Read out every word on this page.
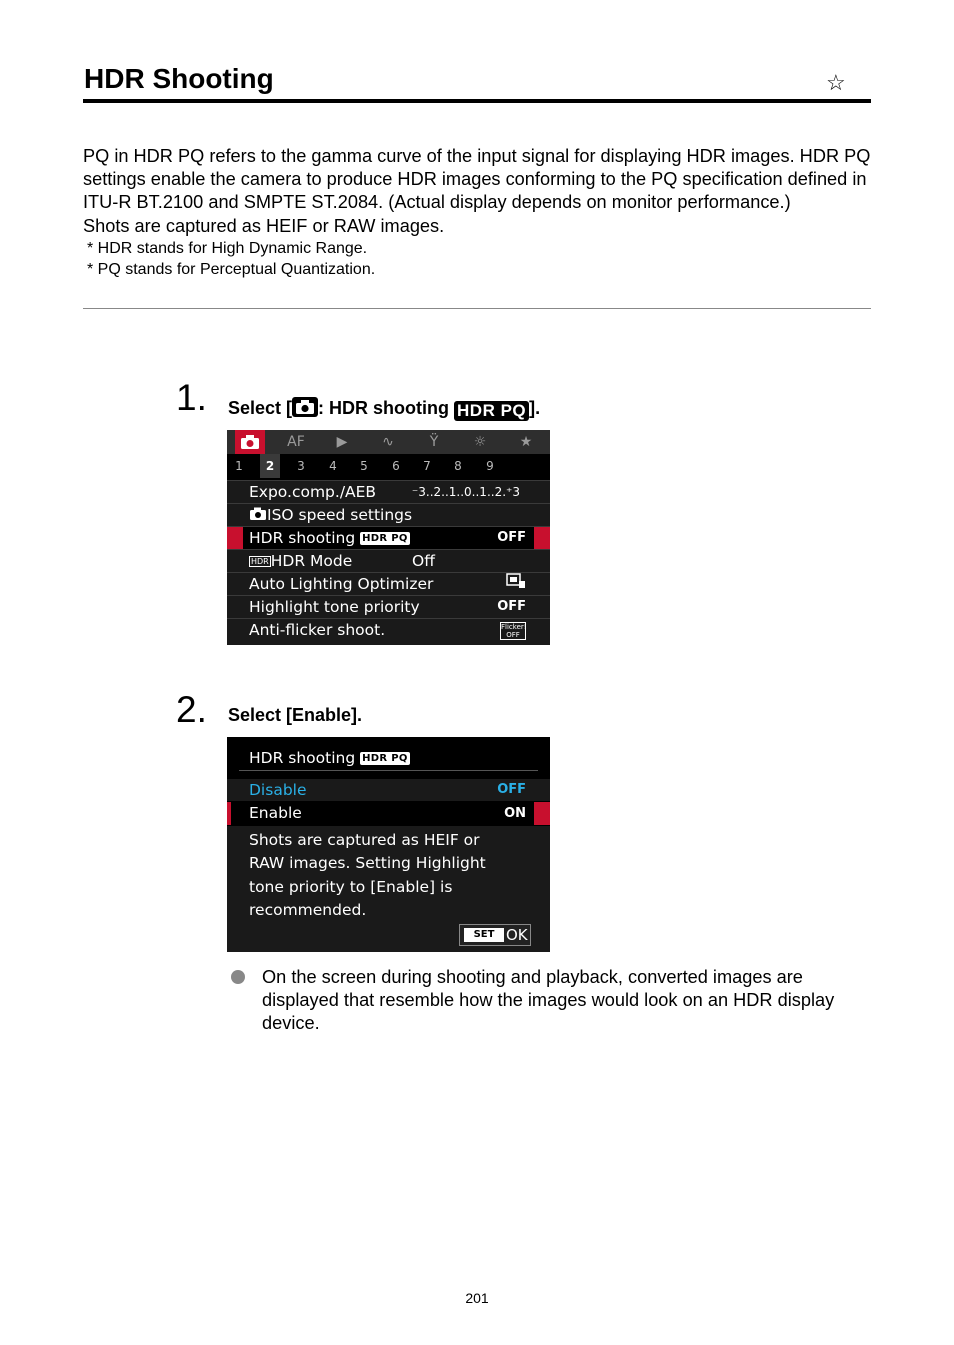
HDR Shooting	☆

PQ in HDR PQ refers to the gamma curve of the input signal for displaying HDR images. HDR PQ settings enable the camera to produce HDR images conforming to the PQ specification defined in ITU-R BT.2100 and SMPTE ST.2084. (Actual display depends on monitor performance.)

Shots are captured as HEIF or RAW images.

* HDR stands for High Dynamic Range.
* PQ stands for Perceptual Quantization.
1. Select [ : HDR shooting HDR PQ ].
AF	▶	∿	Ÿ	☼	★
1	2	3	4	5	6	7	8	9
Expo.comp./AEB	⁻3..2..1..0..1..2.⁺3
ISO speed settings
HDR shooting HDR PQ	OFF
HDR HDR Mode	Off
Auto Lighting Optimizer
Highlight tone priority	OFF
Anti-flicker shoot.	Flicker! OFF
2. Select [Enable].
HDR shooting HDR PQ
Disable	OFF
Enable	ON
Shots are captured as HEIF or
RAW images. Setting Highlight
tone priority to [Enable] is
recommended.
SET OK
On the screen during shooting and playback, converted images are displayed that resemble how the images would look on an HDR display device.
201
